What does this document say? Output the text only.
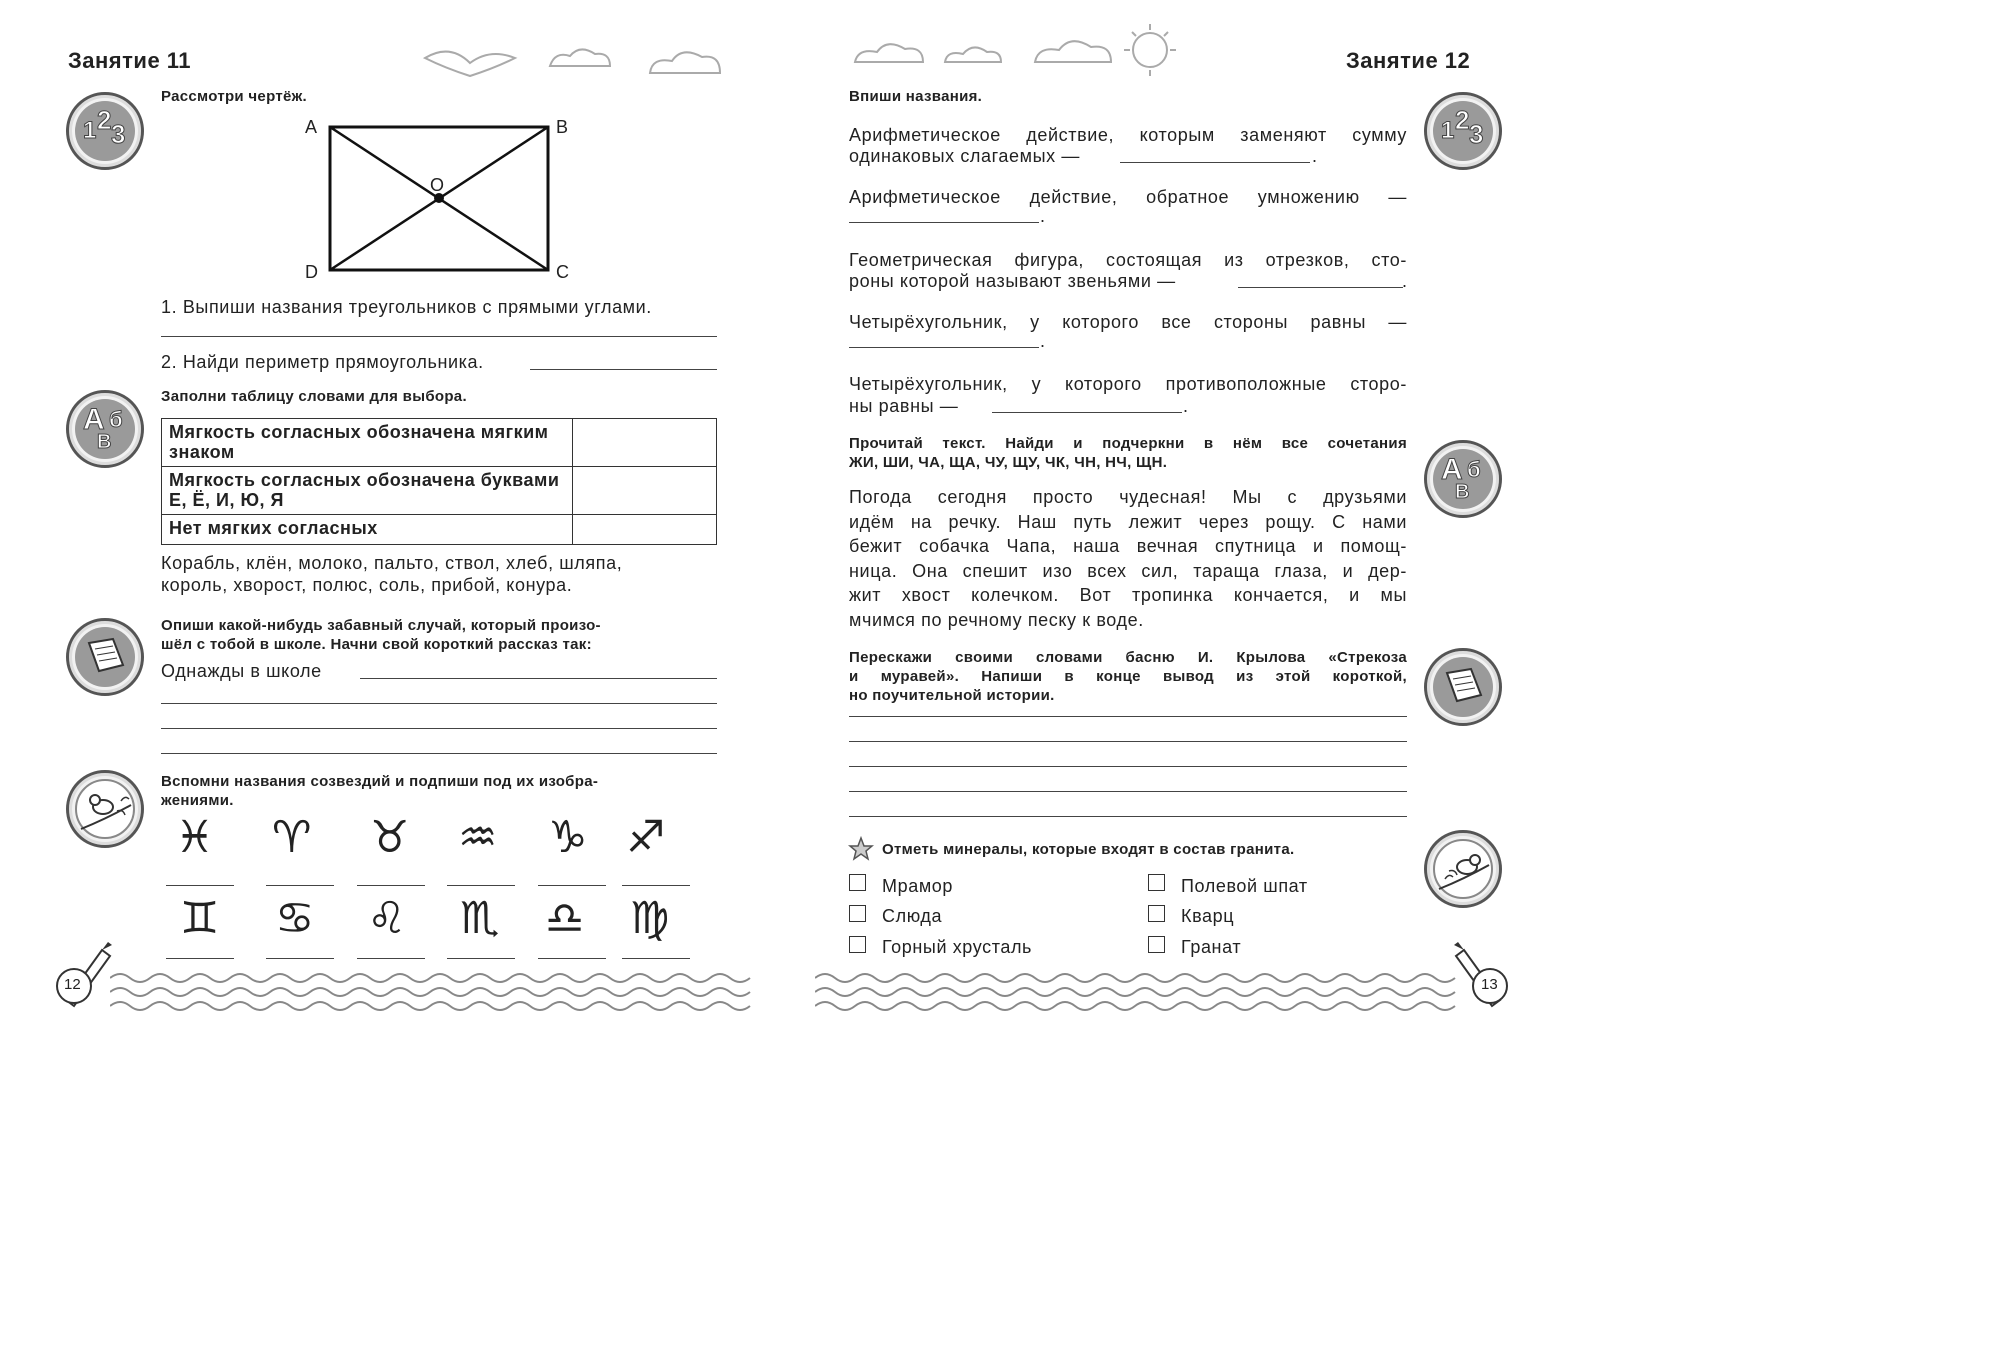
Занятие 11
1 2 3
Рассмотри чертёж.
A	B
C
D
O
1. Выпиши названия треугольников с прямыми углами.
2. Найди периметр прямоугольника.
А б
В
Заполни таблицу словами для выбора.
Мягкость согласных обозначена мягким знаком	
Мягкость согласных обозначена буквами Е, Ё, И, Ю, Я	
Нет мягких согласных	
Корабль, клён, молоко, пальто, ствол, хлеб, шляпа,
король, хворост, полюс, соль, прибой, конура.
Опиши какой-нибудь забавный случай, который произо-
шёл с тобой в школе. Начни свой короткий рассказ так:
Однажды в школе
Вспомни названия созвездий и подпиши под их изобра-
жениями.
♓ ♈ ♉ ♒ ♑ ♐
♊ ♋ ♌ ♏ ♎ ♍
12
Занятие 12
1 2 3
Впиши названия.
Арифметическое действие, которым заменяют сумму
одинаковых слагаемых —	.
Арифметическое действие, обратное умножению —
.
Геометрическая фигура, состоящая из отрезков, сто-
роны которой называют звеньями —	.
Четырёхугольник, у которого все стороны равны —
.
Четырёхугольник, у которого противоположные сторо-
ны равны —	.
Прочитай текст. Найди и подчеркни в нём все сочетания
ЖИ, ШИ, ЧА, ЩА, ЧУ, ЩУ, ЧК, ЧН, НЧ, ЩН.	А б
В
Погода сегодня просто чудесная! Мы с друзьями
идём на речку. Наш путь лежит через рощу. С нами
бежит собачка Чапа, наша вечная спутница и помощ-
ница. Она спешит изо всех сил, тараща глаза, и дер-
жит хвост колечком. Вот тропинка кончается, и мы
мчимся по речному песку к воде.
Перескажи своими словами басню И. Крылова «Стрекоза
и муравей». Напиши в конце вывод из этой короткой,
но поучительной истории.
Отметь минералы, которые входят в состав гранита.
Мрамор
Слюда
Горный хрусталь
Полевой шпат
Кварц
Гранат
13
